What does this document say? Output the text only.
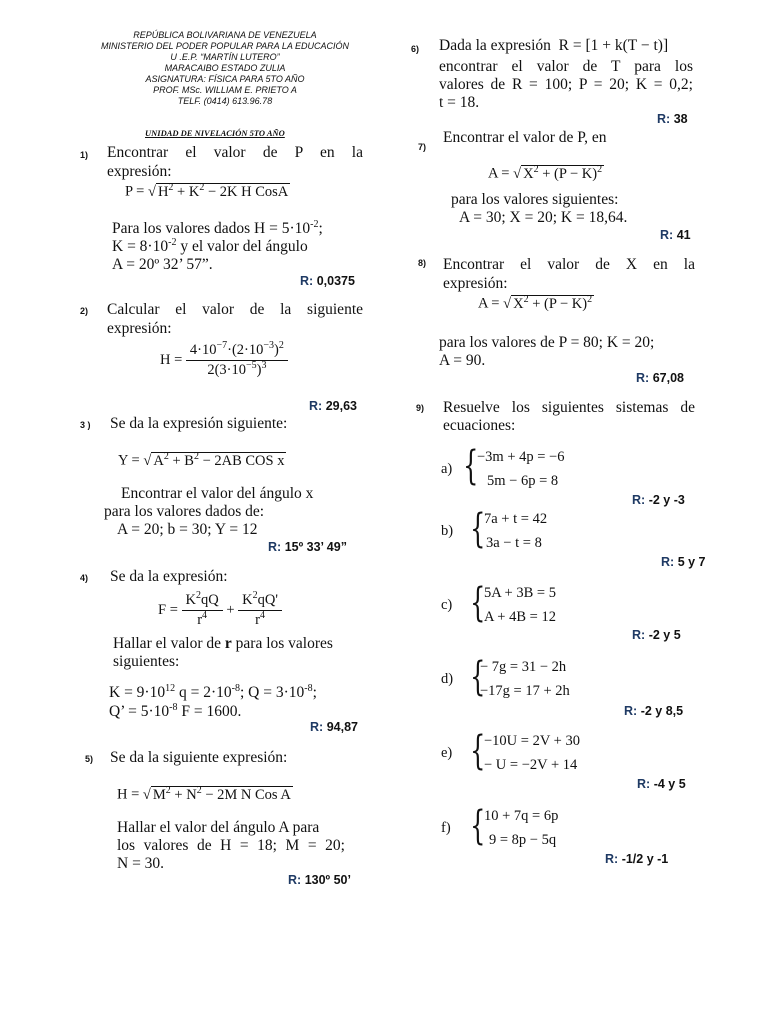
REPÚBLICA BOLIVARIANA DE VENEZUELA
MINISTERIO DEL PODER POPULAR PARA LA EDUCACIÓN
U .E.P. “MARTÍN LUTERO”
MARACAIBO ESTADO ZULIA
ASIGNATURA: FÍSICA PARA 5TO AÑO
PROF. MSc. WILLIAM E. PRIETO A
TELF. (0414) 613.96.78
UNIDAD DE NIVELACIÓN 5TO AÑO
1) Encontrar el valor de P en la
expresión:
P = √ $H^2 + K^2 - 2K$ H CosA
Para los valores dados $H = 5\cdot 10^{-2}$;
$K = 8\cdot 10^{-2}$ y el valor del ángulo
A = 20º 32’ 57”.
R: 0,0375
2) Calcular el valor de la siguiente
expresión:
$H = \frac{4\cdot 10^{-7}\cdot(2\cdot 10^{-3})^2}{2(3\cdot 10^{-5})^3}$
R: 29,63
3 ) Se da la expresión siguiente:
Y = √ $A^2 + B^2 - 2AB$ COS x
Encontrar el valor del ángulo x
para los valores dados de:
A = 20; b = 30; Y = 12
R: 15º 33’ 49”
4) Se da la expresión:
$F = \frac{K^2qQ}{r^4} + \frac{K^2qQ'}{r^4}$
Hallar el valor de r para los valores
siguientes:
$K = 9\cdot 10^{12}$ $q = 2\cdot 10^{-8}$; $Q = 3\cdot 10^{-8}$;
Q’ = $5\cdot 10^{-8}$ F = 1600.
R: 94,87
5) Se da la siguiente expresión:
H = √ $M^2 + N^2 - 2M$ N Cos A
Hallar el valor del ángulo A para
los valores de H = 18; M = 20;
N = 30.
R: 130º 50’
6) Dada la expresión R = [1 + k(T − t)]
encontrar el valor de T para los
valores de R = 100; P = 20; K = 0,2;
t = 18.
R: 38
7)
Encontrar el valor de P, en
A = √ $X^2 + (P - K)^2$
para los valores siguientes:
A = 30; X = 20; K = 18,64.
R: 41
8) Encontrar el valor de X en la
expresión:
A = √ $X^2 + (P - K)^2$
para los valores de P = 80; K = 20;
A = 90.
R: 67,08
9) Resuelve los siguientes sistemas de
ecuaciones:
a) {
−3m + 4p = −6
5m − 6p = 8
R: -2 y -3
b) {
7a + t = 42
3a − t = 8
R: 5 y 7
c) {
5A + 3B = 5
A + 4B = 12
R: -2 y 5
d) {
− 7g = 31 − 2h
−17g = 17 + 2h
R: -2 y 8,5
e) {
−10U = 2V + 30
− U = −2V + 14
R: -4 y 5
f) {
10 + 7q = 6p
9 = 8p − 5q
R: -1/2 y -1
